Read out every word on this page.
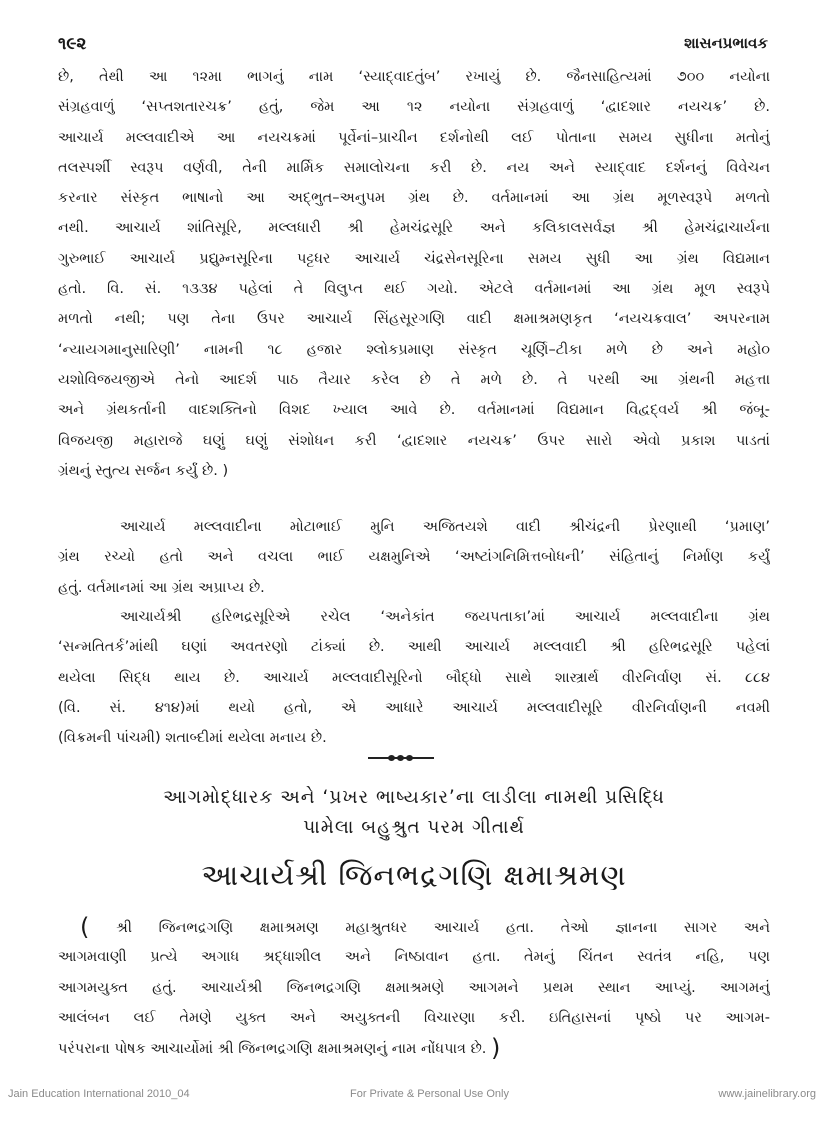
૧૯૨	શાસનપ્રભાવક
છે, તેથી આ ૧૨મા ભાગનું નામ ‘સ્યાદ્‌વાદતુંબ’ રખાયું છે. જૈનસાહિત્યમાં ૭૦૦ નયોના
સંગ્રહવાળું ‘સપ્તશતારચક્ર’ હતું, જેમ આ ૧૨ નયોના સંગ્રહવાળું ‘દ્વાદશાર નયચક્ર’ છે.
આચાર્ય મલ્લવાદીએ આ નયચક્રમાં પૂર્વેનાં–પ્રાચીન દર્શનોથી લઈ પોતાના સમય સુધીના મતોનું
તલસ્પર્શી સ્વરૂપ વર્ણવી, તેની માર્મિક સમાલોચના કરી છે. નય અને સ્યાદ્‌વાદ દર્શનનું વિવેચન
કરનાર સંસ્કૃત ભાષાનો આ અદ્‌ભુત–અનુપમ ગ્રંથ છે. વર્તમાનમાં આ ગ્રંથ મૂળસ્વરૂપે મળતો
નથી. આચાર્ય શાંતિસૂરિ, મલ્લધારી શ્રી હેમચંદ્રસૂરિ અને કલિકાલસર્વજ્ઞ શ્રી હેમચંદ્રાચાર્યના
ગુરુભાઈ આચાર્ય પ્રદ્યુમ્નસૂરિના પટ્ટધર આચાર્ય ચંદ્રસેનસૂરિના સમય સુધી આ ગ્રંથ વિદ્યમાન
હતો. વિ. સં. ૧૩૩૪ પહેલાં તે વિલુપ્ત થઈ ગયો. એટલે વર્તમાનમાં આ ગ્રંથ મૂળ સ્વરૂપે
મળતો નથી; પણ તેના ઉપર આચાર્ય સિંહસૂરગણિ વાદી ક્ષમાશ્રમણકૃત ‘નયચક્રવાલ’ અપરનામ
‘ન્યાયગમાનુસારિણી’ નામની ૧૮ હજાર શ્લોકપ્રમાણ સંસ્કૃત ચૂર્ણિ–ટીકા મળે છે અને મહો૦
યશોવિજયજીએ તેનો આદર્શ પાઠ તૈયાર કરેલ છે તે મળે છે. તે પરથી આ ગ્રંથની મહત્તા
અને ગ્રંથકર્તાની વાદશક્તિનો વિશદ ખ્યાલ આવે છે. વર્તમાનમાં વિદ્યમાન વિદ્વદ્‌વર્ય શ્રી જંબૂ-
વિજયજી મહારાજે ઘણું ઘણું સંશોધન કરી ‘દ્વાદશાર નયચક્ર’ ઉપર સારો એવો પ્રકાશ પાડતાં
ગ્રંથનું સ્તુત્ય સર્જન કર્યું છે. )
આચાર્ય મલ્લવાદીના મોટાભાઈ મુનિ અજિતયશે વાદી શ્રીચંદ્રની પ્રેરણાથી ‘પ્રમાણ’
ગ્રંથ રચ્યો હતો અને વચલા ભાઈ યક્ષમુનિએ ‘અષ્ટાંગનિમિત્તબોધની’ સંહિતાનું નિર્માણ કર્યું
હતું. વર્તમાનમાં આ ગ્રંથ અપ્રાપ્ય છે.
આચાર્યશ્રી હરિભદ્રસૂરિએ રચેલ ‘અનેકાંત જયપતાકા’માં આચાર્ય મલ્લવાદીના ગ્રંથ
‘સન્મતિતર્ક’માંથી ઘણાં અવતરણો ટાંક્યાં છે. આથી આચાર્ય મલ્લવાદી શ્રી હરિભદ્રસૂરિ પહેલાં
થયેલા સિદ્ધ થાય છે. આચાર્ય મલ્લવાદીસૂરિનો બૌદ્ધો સાથે શાસ્ત્રાર્થ વીરનિર્વાણ સં. ૮૮૪
(વિ. સં. ૪૧૪)માં થયો હતો, એ આધારે આચાર્ય મલ્લવાદીસૂરિ વીરનિર્વાણની નવમી
(વિક્રમની પાંચમી) શતાબ્દીમાં થયેલા મનાય છે.
આગમોદ્ધારક અને ‘પ્રખર ભાષ્યકાર’ના લાડીલા નામથી પ્રસિદ્ધિ
પામેલા બહુશ્રુત પરમ ગીતાર્થ
આચાર્યશ્રી જિનભદ્રગણિ ક્ષમાશ્રમણ
( શ્રી જિનભદ્રગણિ ક્ષમાશ્રમણ મહાશ્રુતધર આચાર્ય હતા. તેઓ જ્ઞાનના સાગર અને
આગમવાણી પ્રત્યે અગાધ શ્રદ્ધાશીલ અને નિષ્ઠાવાન હતા. તેમનું ચિંતન સ્વતંત્ર નહિ, પણ
આગમયુક્ત હતું. આચાર્યશ્રી જિનભદ્રગણિ ક્ષમાશ્રમણે આગમને પ્રથમ સ્થાન આપ્યું. આગમનું
આલંબન લઈ તેમણે યુક્ત અને અયુક્તની વિચારણા કરી. ઇતિહાસનાં પૃષ્ઠો પર આગમ-
પરંપરાના પોષક આચાર્યોમાં શ્રી જિનભદ્રગણિ ક્ષમાશ્રમણનું નામ નોંધપાત્ર છે. )
Jain Education International 2010_04	For Private & Personal Use Only	www.jainelibrary.org
